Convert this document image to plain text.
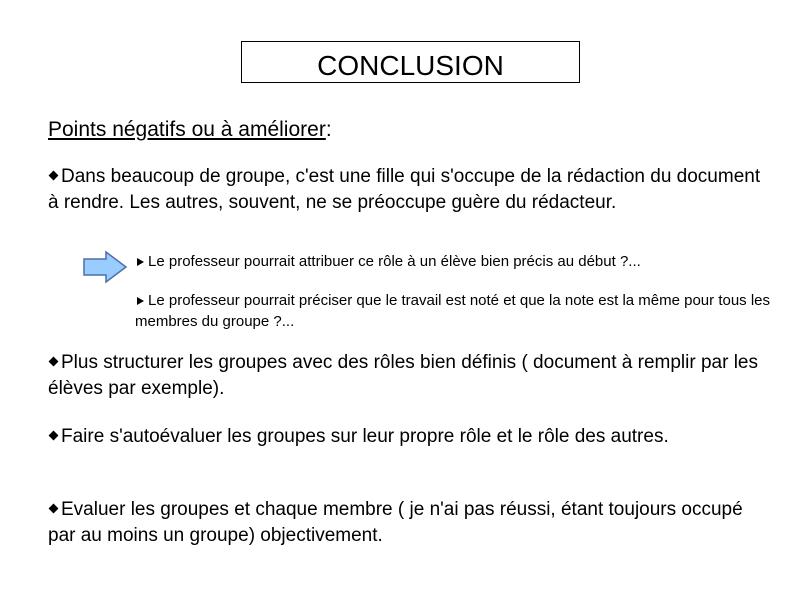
CONCLUSION
Points négatifs ou à améliorer:
Dans beaucoup de groupe, c'est une fille qui s'occupe de la rédaction du document à rendre. Les autres, souvent, ne se préoccupe guère du rédacteur.
Le professeur pourrait attribuer ce rôle à un élève bien précis au début ?...
Le professeur pourrait préciser que le travail est noté et que la note est la même pour tous les membres du groupe ?...
Plus structurer les groupes avec des rôles bien définis ( document à remplir par les élèves par exemple).
Faire s'autoévaluer les groupes sur leur propre rôle et le rôle des autres.
Evaluer les groupes et chaque membre ( je n'ai pas réussi, étant toujours occupé par au moins un groupe) objectivement.
